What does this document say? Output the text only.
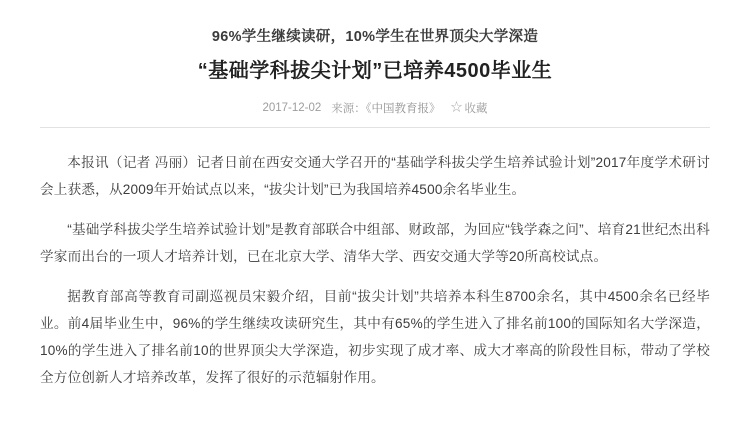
96%学生继续读研，10%学生在世界顶尖大学深造
“基础学科拔尖计划”已培养4500毕业生
2017-12-02 来源：《中国教育报》 ☆ 收藏

本报讯（记者 冯丽）记者日前在西安交通大学召开的“基础学科拔尖学生培养试验计划”2017年度学术研讨会上获悉，从2009年开始试点以来，“拔尖计划”已为我国培养4500余名毕业生。

“基础学科拔尖学生培养试验计划”是教育部联合中组部、财政部，为回应“钱学森之问”、培育21世纪杰出科学家而出台的一项人才培养计划，已在北京大学、清华大学、西安交通大学等20所高校试点。

据教育部高等教育司副巡视员宋毅介绍，目前“拔尖计划”共培养本科生8700余名，其中4500余名已经毕业。前4届毕业生中，96%的学生继续攻读研究生，其中有65%的学生进入了排名前100的国际知名大学深造，10%的学生进入了排名前10的世界顶尖大学深造，初步实现了成才率、成大才率高的阶段性目标，带动了学校全方位创新人才培养改革，发挥了很好的示范辐射作用。
